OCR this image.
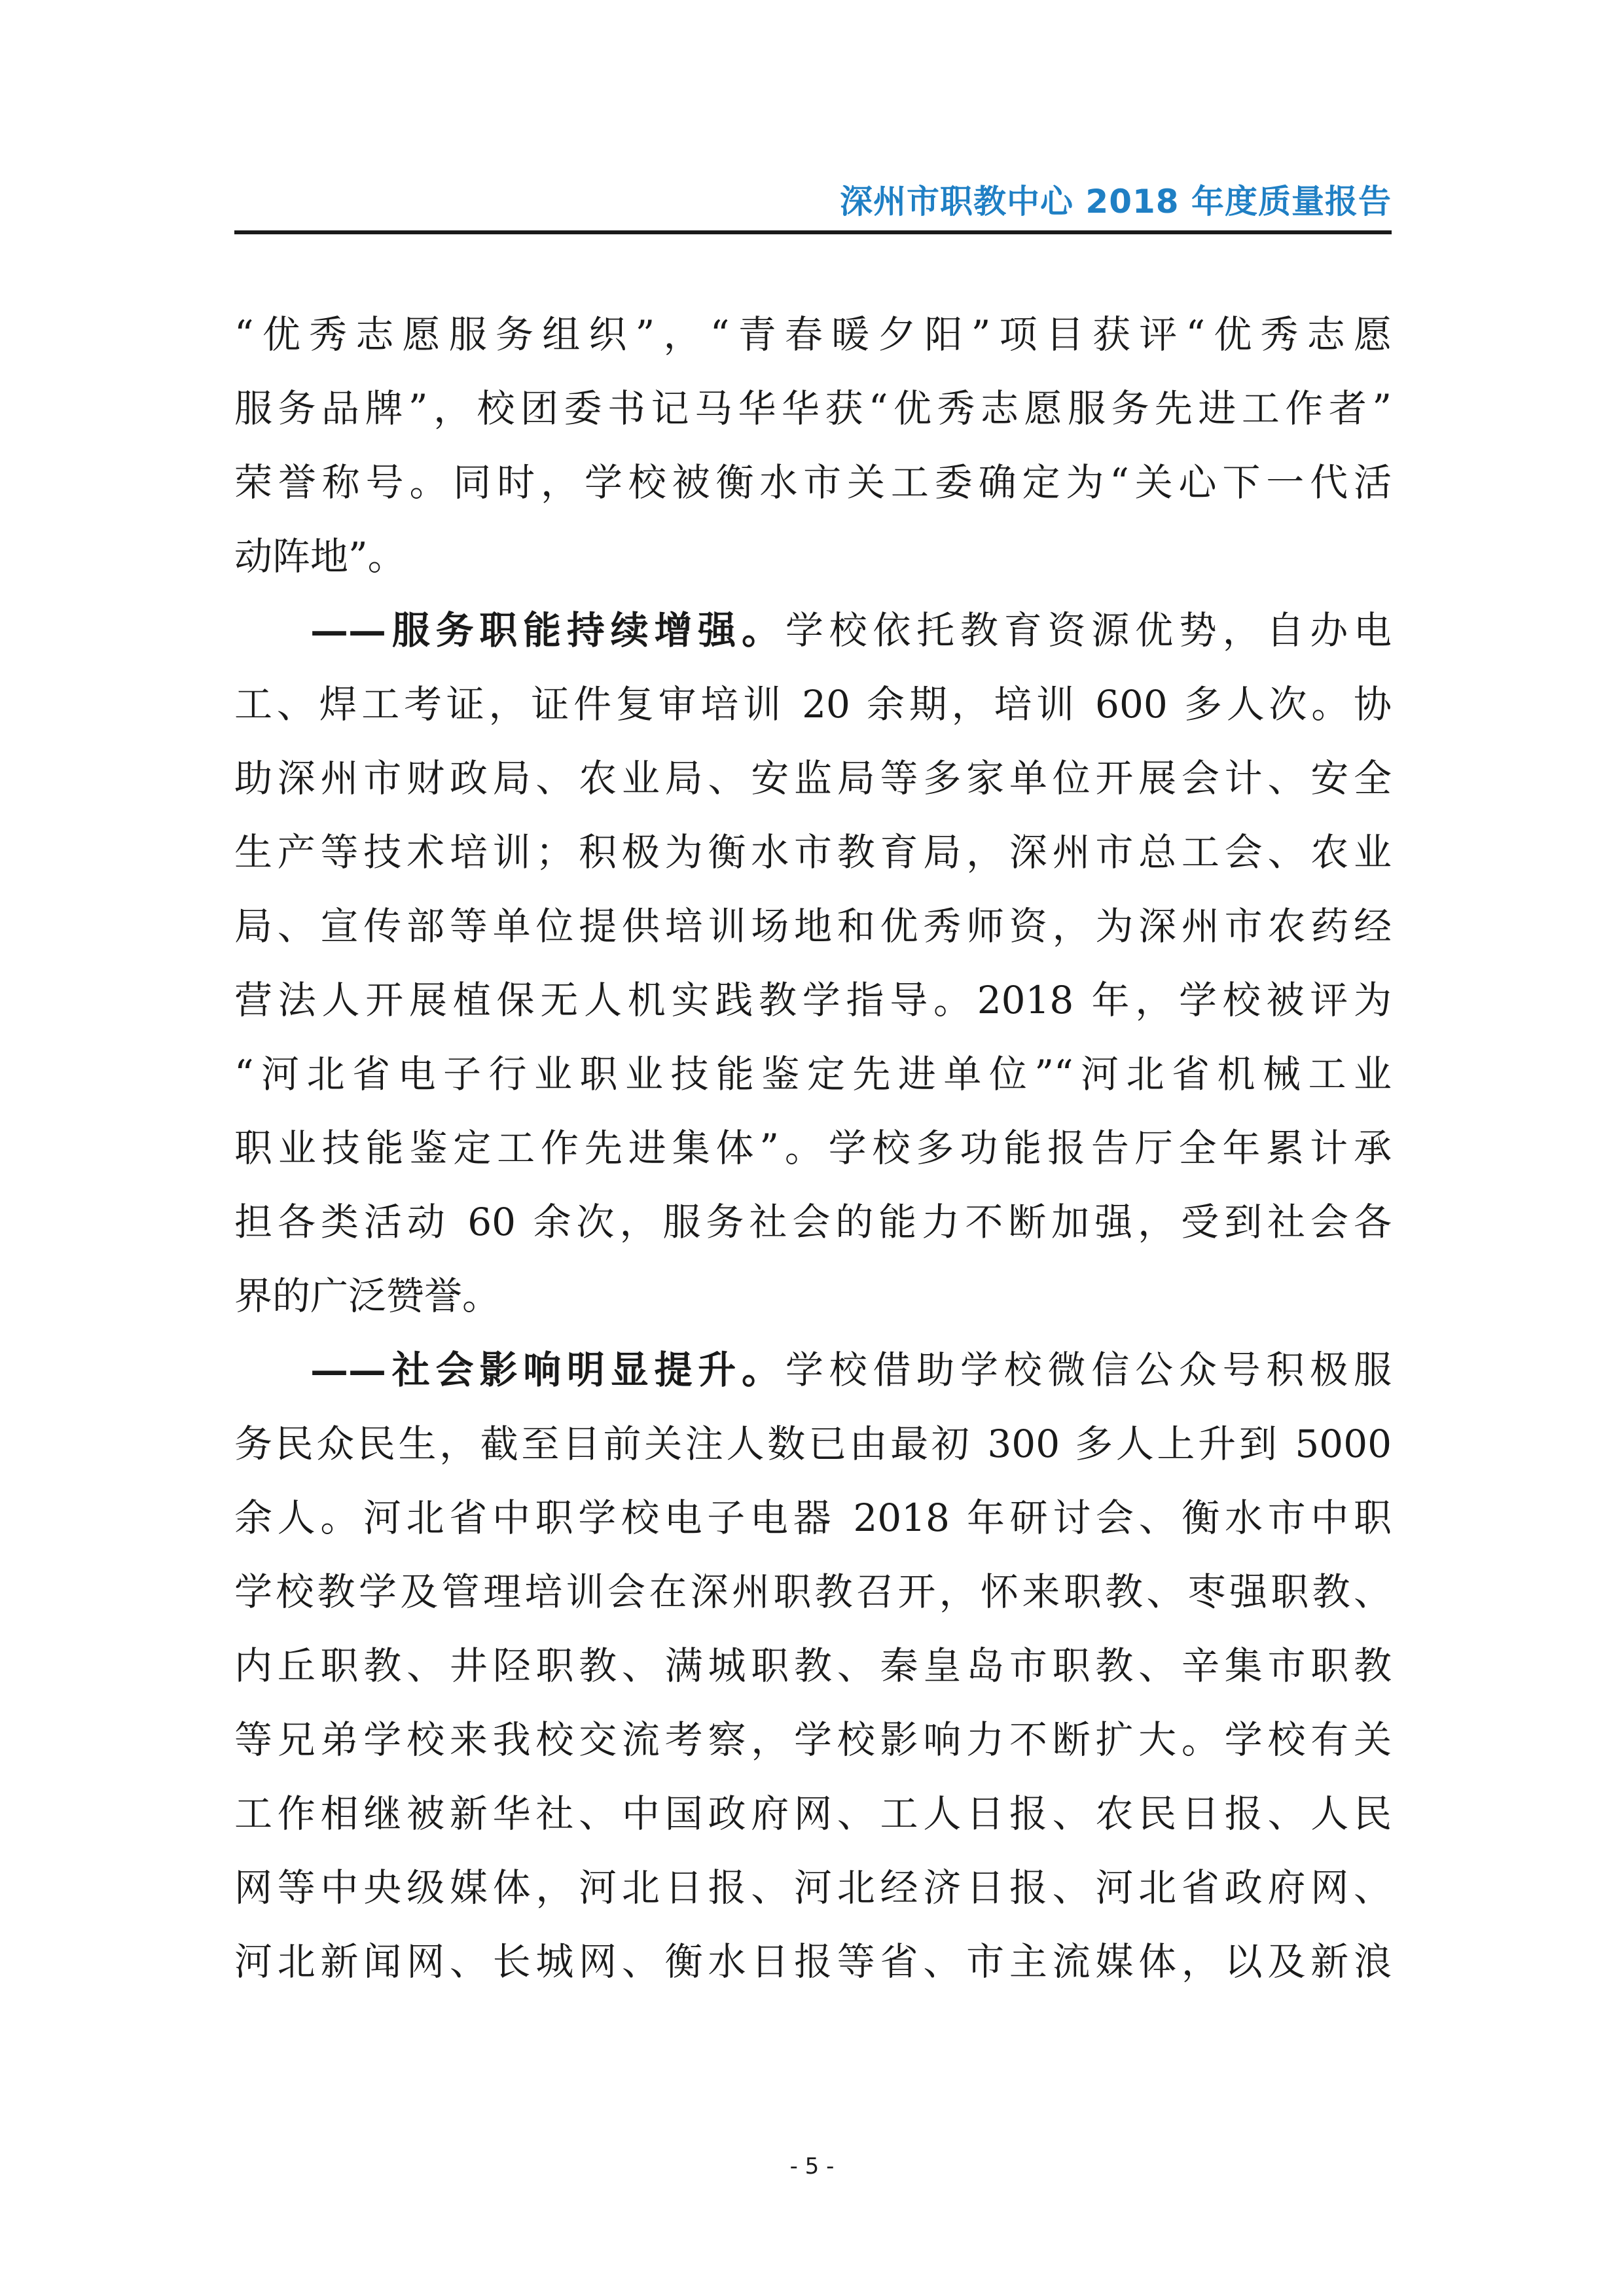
深州市职教中心 2018 年度质量报告
“优秀志愿服务组织”，“青春暖夕阳”项目获评“优秀志愿
服务品牌”，校团委书记马华华获“优秀志愿服务先进工作者”
荣誉称号。同时，学校被衡水市关工委确定为“关心下一代活
动阵地”。
——服务职能持续增强。学校依托教育资源优势，自办电
工、焊工考证，证件复审培训 20 余期，培训 600 多人次。协
助深州市财政局、农业局、安监局等多家单位开展会计、安全
生产等技术培训；积极为衡水市教育局，深州市总工会、农业
局、宣传部等单位提供培训场地和优秀师资，为深州市农药经
营法人开展植保无人机实践教学指导。2018 年，学校被评为
“河北省电子行业职业技能鉴定先进单位”“河北省机械工业
职业技能鉴定工作先进集体”。学校多功能报告厅全年累计承
担各类活动 60 余次，服务社会的能力不断加强，受到社会各
界的广泛赞誉。
——社会影响明显提升。学校借助学校微信公众号积极服
务民众民生，截至目前关注人数已由最初 300 多人上升到 5000
余人。河北省中职学校电子电器 2018 年研讨会、衡水市中职
学校教学及管理培训会在深州职教召开，怀来职教、枣强职教、
内丘职教、井陉职教、满城职教、秦皇岛市职教、辛集市职教
等兄弟学校来我校交流考察，学校影响力不断扩大。学校有关
工作相继被新华社、中国政府网、工人日报、农民日报、人民
网等中央级媒体，河北日报、河北经济日报、河北省政府网、
河北新闻网、长城网、衡水日报等省、市主流媒体，以及新浪
- 5 -
